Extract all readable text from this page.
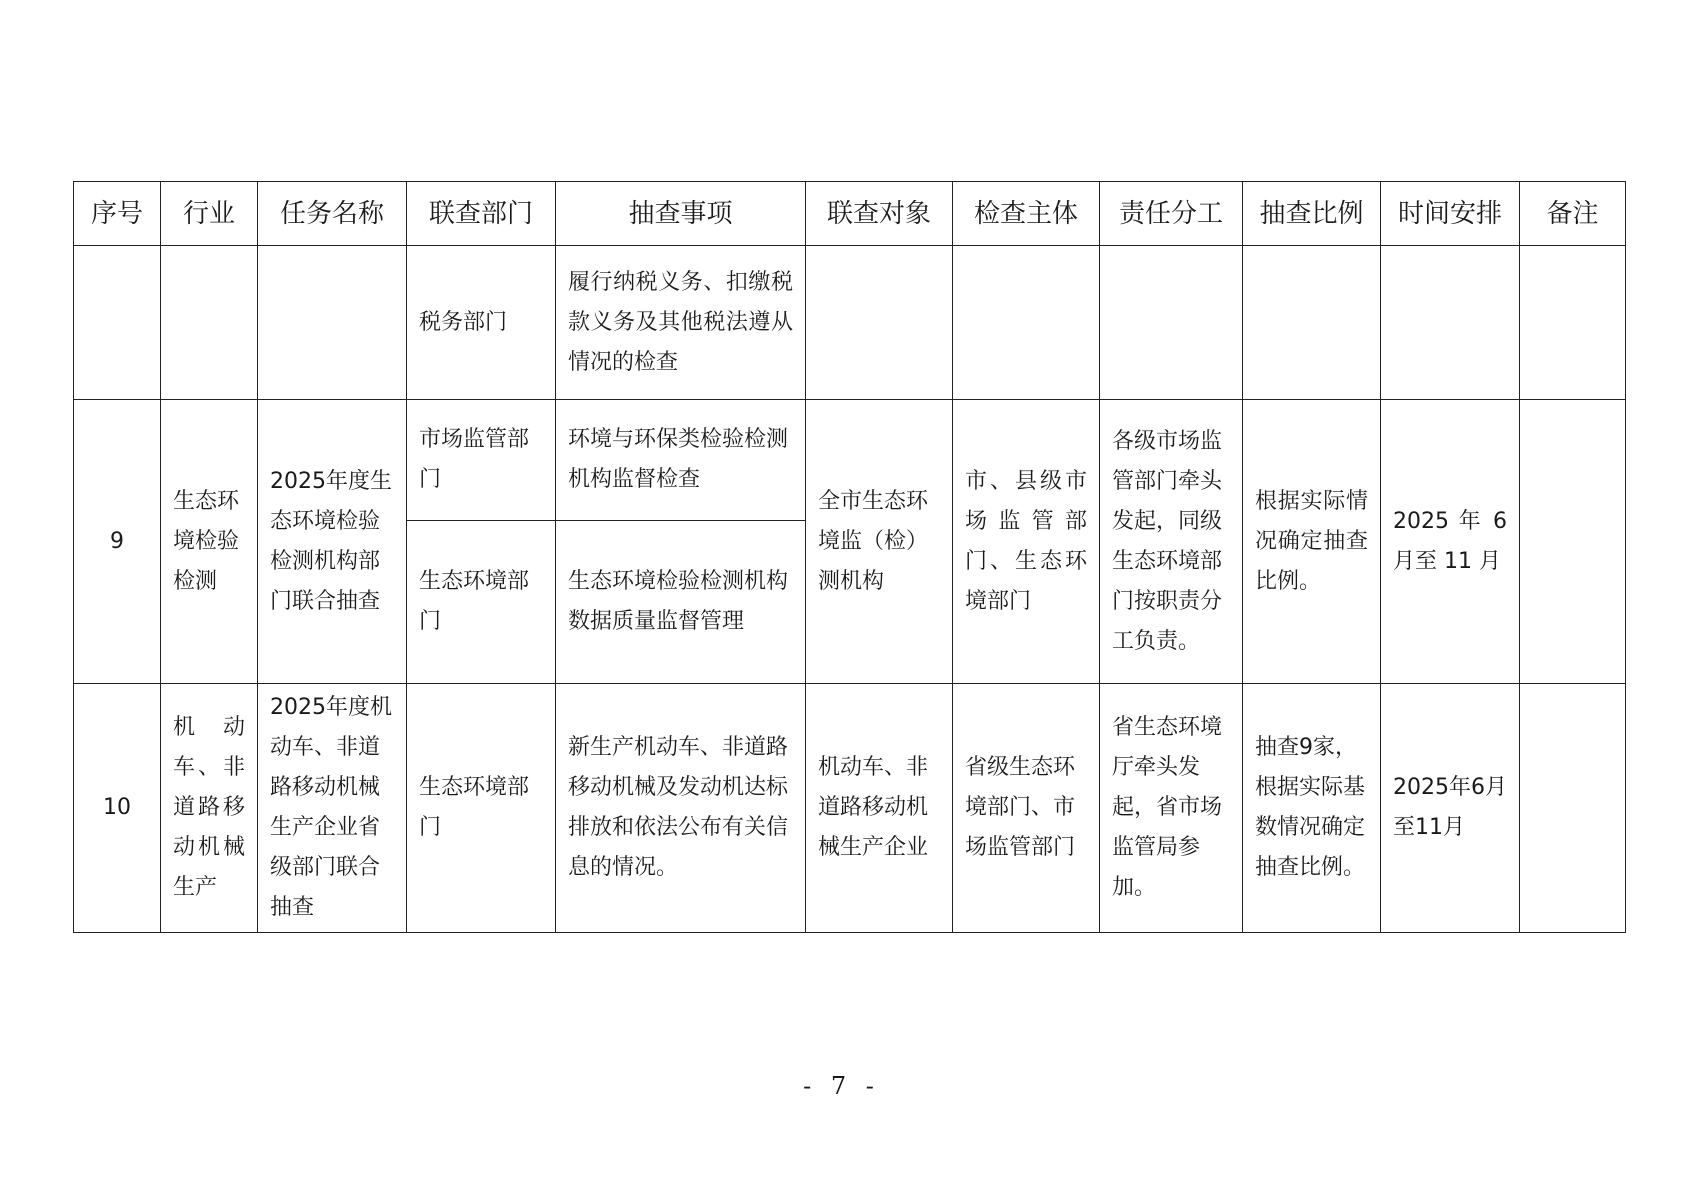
序号	行业	任务名称	联查部门	抽查事项	联查对象	检查主体	责任分工	抽查比例	时间安排	备注
			税务部门	履行纳税义务、扣缴税款义务及其他税法遵从情况的检查						
9	生态环境检验检测	2025年度生态环境检验检测机构部门联合抽查	市场监管部门	环境与环保类检验检测机构监督检查	全市生态环境监（检）测机构	市、县级市场监管部门、生态环境部门	各级市场监管部门牵头发起，同级生态环境部门按职责分工负责。	根据实际情况确定抽查比例。	2025 年 6 月至 11 月	
			生态环境部门	生态环境检验检测机构数据质量监督管理						
10	机动车、非道路移动机械生产	2025年度机动车、非道路移动机械生产企业省级部门联合抽查	生态环境部门	新生产机动车、非道路移动机械及发动机达标排放和依法公布有关信息的情况。	机动车、非道路移动机械生产企业	省级生态环境部门、市场监管部门	省生态环境厅牵头发起，省市场监管局参加。	抽查9家，根据实际基数情况确定抽查比例。	2025年6月至11月	
- 7 -
